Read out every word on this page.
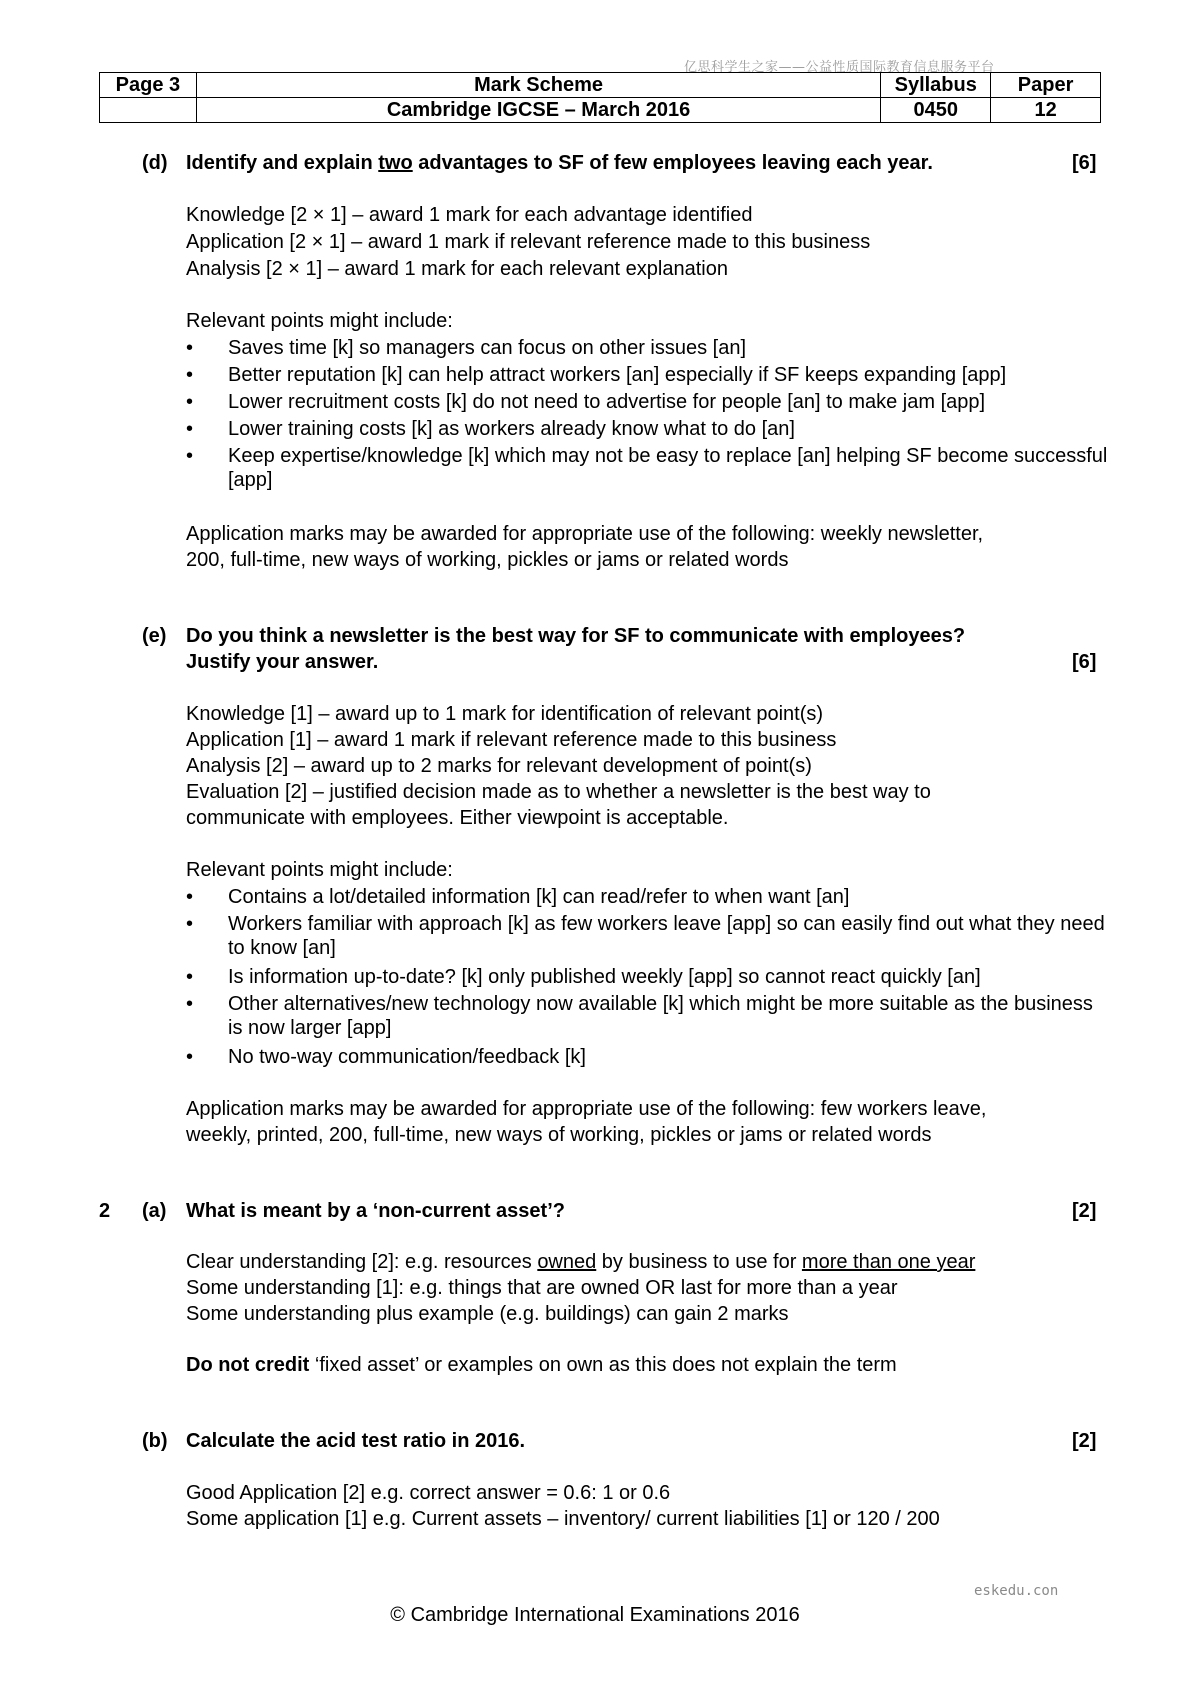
亿思科学生之家——公益性质国际教育信息服务平台
Page 3	Mark Scheme	Syllabus	Paper
	Cambridge IGCSE – March 2016	0450	12
(d) Identify and explain two advantages to SF of few employees leaving each year.	[6]
Knowledge [2 × 1] – award 1 mark for each advantage identified
Application [2 × 1] – award 1 mark if relevant reference made to this business
Analysis [2 × 1] – award 1 mark for each relevant explanation
Relevant points might include:
• Saves time [k] so managers can focus on other issues [an]
• Better reputation [k] can help attract workers [an] especially if SF keeps expanding [app]
• Lower recruitment costs [k] do not need to advertise for people [an] to make jam [app]
• Lower training costs [k] as workers already know what to do [an]
• Keep expertise/knowledge [k] which may not be easy to replace [an] helping SF become successful [app]
Application marks may be awarded for appropriate use of the following: weekly newsletter,
200, full-time, new ways of working, pickles or jams or related words
(e) Do you think a newsletter is the best way for SF to communicate with employees?
Justify your answer.	[6]
Knowledge [1] – award up to 1 mark for identification of relevant point(s)
Application [1] – award 1 mark if relevant reference made to this business
Analysis [2] – award up to 2 marks for relevant development of point(s)
Evaluation [2] – justified decision made as to whether a newsletter is the best way to
communicate with employees. Either viewpoint is acceptable.
Relevant points might include:
• Contains a lot/detailed information [k] can read/refer to when want [an]
• Workers familiar with approach [k] as few workers leave [app] so can easily find out what they need to know [an]
• Is information up-to-date? [k] only published weekly [app] so cannot react quickly [an]
• Other alternatives/new technology now available [k] which might be more suitable as the business is now larger [app]
• No two-way communication/feedback [k]
Application marks may be awarded for appropriate use of the following: few workers leave,
weekly, printed, 200, full-time, new ways of working, pickles or jams or related words
2 (a) What is meant by a ‘non-current asset’?	[2]
Clear understanding [2]: e.g. resources owned by business to use for more than one year
Some understanding [1]: e.g. things that are owned OR last for more than a year
Some understanding plus example (e.g. buildings) can gain 2 marks
Do not credit ‘fixed asset’ or examples on own as this does not explain the term
(b) Calculate the acid test ratio in 2016.	[2]
Good Application [2] e.g. correct answer = 0.6: 1 or 0.6
Some application [1] e.g. Current assets – inventory/ current liabilities [1] or 120 / 200
eskedu.con
© Cambridge International Examinations 2016
